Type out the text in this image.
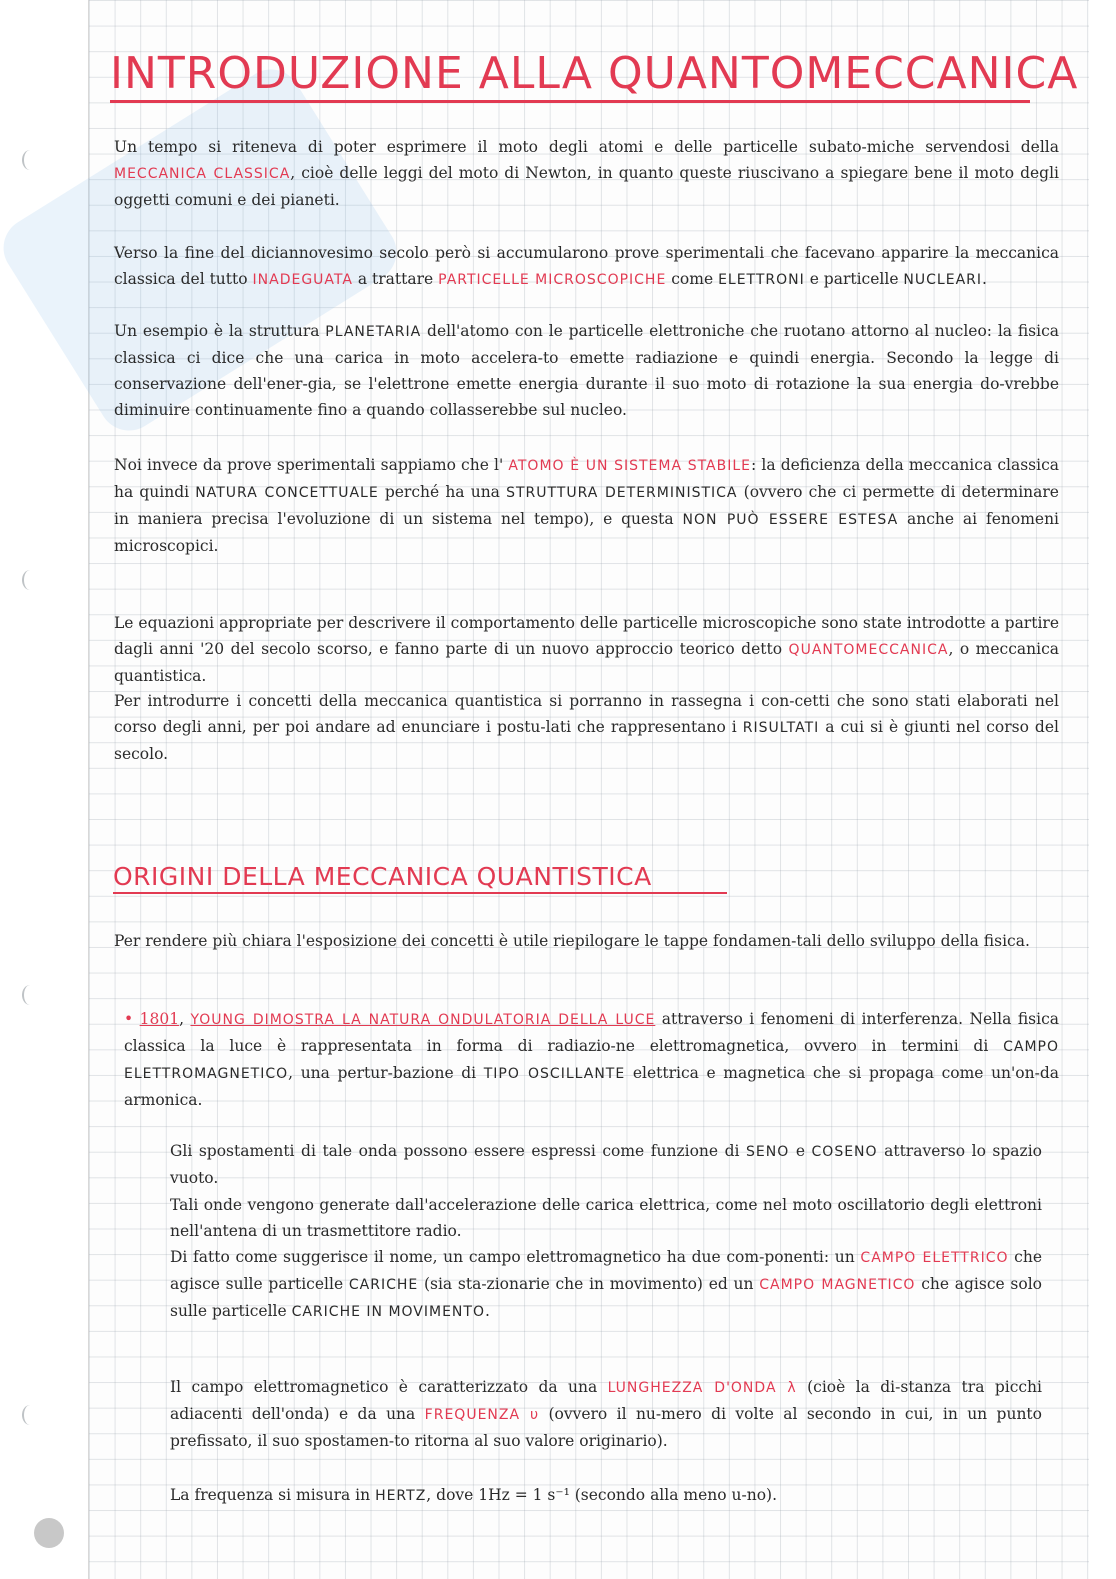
INTRODUZIONE ALLA QUANTOMECCANICA

Un tempo si riteneva di poter esprimere il moto degli atomi e delle particelle subato-miche servendosi della MECCANICA CLASSICA, cioè delle leggi del moto di Newton, in quanto queste riuscivano a spiegare bene il moto degli oggetti comuni e dei pianeti.

Verso la fine del diciannovesimo secolo però si accumularono prove sperimentali che facevano apparire la meccanica classica del tutto INADEGUATA a trattare PARTICELLE MICROSCOPICHE come ELETTRONI e particelle NUCLEARI.

Un esempio è la struttura PLANETARIA dell'atomo con le particelle elettroniche che ruotano attorno al nucleo: la fisica classica ci dice che una carica in moto accelera-to emette radiazione e quindi energia. Secondo la legge di conservazione dell'ener-gia, se l'elettrone emette energia durante il suo moto di rotazione la sua energia do-vrebbe diminuire continuamente fino a quando collasserebbe sul nucleo.

Noi invece da prove sperimentali sappiamo che l' ATOMO È UN SISTEMA STABILE: la deficienza della meccanica classica ha quindi NATURA CONCETTUALE perché ha una STRUTTURA DETERMINISTICA (ovvero che ci permette di determinare in maniera precisa l'evoluzione di un sistema nel tempo), e questa NON PUÒ ESSERE ESTESA anche ai fenomeni microscopici.

Le equazioni appropriate per descrivere il comportamento delle particelle microscopiche sono state introdotte a partire dagli anni '20 del secolo scorso, e fanno parte di un nuovo approccio teorico detto QUANTOMECCANICA, o meccanica quantistica.

Per introdurre i concetti della meccanica quantistica si porranno in rassegna i con-cetti che sono stati elaborati nel corso degli anni, per poi andare ad enunciare i postu-lati che rappresentano i RISULTATI a cui si è giunti nel corso del secolo.

ORIGINI DELLA MECCANICA QUANTISTICA

Per rendere più chiara l'esposizione dei concetti è utile riepilogare le tappe fondamen-tali dello sviluppo della fisica.

• 1801, YOUNG DIMOSTRA LA NATURA ONDULATORIA DELLA LUCE attraverso i fenomeni di interferenza. Nella fisica classica la luce è rappresentata in forma di radiazio-ne elettromagnetica, ovvero in termini di CAMPO ELETTROMAGNETICO, una pertur-bazione di TIPO OSCILLANTE elettrica e magnetica che si propaga come un'on-da armonica.

Gli spostamenti di tale onda possono essere espressi come funzione di SENO e COSENO attraverso lo spazio vuoto.

Tali onde vengono generate dall'accelerazione delle carica elettrica, come nel moto oscillatorio degli elettroni nell'antena di un trasmettitore radio.

Di fatto come suggerisce il nome, un campo elettromagnetico ha due com-ponenti: un CAMPO ELETTRICO che agisce sulle particelle CARICHE (sia sta-zionarie che in movimento) ed un CAMPO MAGNETICO che agisce solo sulle particelle CARICHE IN MOVIMENTO.

Il campo elettromagnetico è caratterizzato da una LUNGHEZZA D'ONDA λ (cioè la di-stanza tra picchi adiacenti dell'onda) e da una FREQUENZA υ (ovvero il nu-mero di volte al secondo in cui, in un punto prefissato, il suo spostamen-to ritorna al suo valore originario).

La frequenza si misura in HERTZ, dove 1Hz = 1 s⁻¹ (secondo alla meno u-no).
